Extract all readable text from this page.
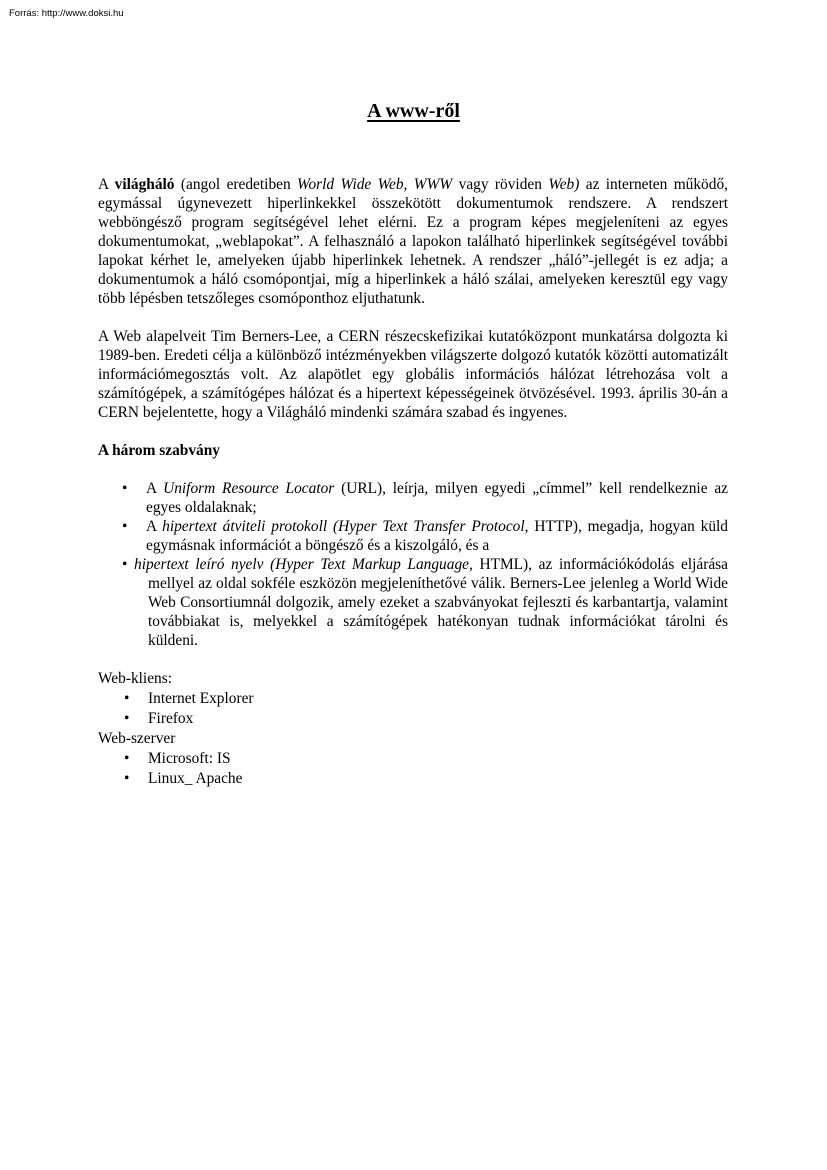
Forrás: http://www.doksi.hu
A www-ről

A világháló (angol eredetiben World Wide Web, WWW vagy röviden Web) az interneten működő, egymással úgynevezett hiperlinkekkel összekötött dokumentumok rendszere. A rendszert webböngésző program segítségével lehet elérni. Ez a program képes megjeleníteni az egyes dokumentumokat, „weblapokat”. A felhasználó a lapokon található hiperlinkek segítségével további lapokat kérhet le, amelyeken újabb hiperlinkek lehetnek. A rendszer „háló”-jellegét is ez adja; a dokumentumok a háló csomópontjai, míg a hiperlinkek a háló szálai, amelyeken keresztül egy vagy több lépésben tetszőleges csomóponthoz eljuthatunk.

A Web alapelveit Tim Berners-Lee, a CERN részecskefizikai kutatóközpont munkatársa dolgozta ki 1989-ben. Eredeti célja a különböző intézményekben világszerte dolgozó kutatók közötti automatizált információmegosztás volt. Az alapötlet egy globális információs hálózat létrehozása volt a számítógépek, a számítógépes hálózat és a hipertext képességeinek ötvözésével. 1993. április 30-án a CERN bejelentette, hogy a Világháló mindenki számára szabad és ingyenes.

A három szabvány

• A Uniform Resource Locator (URL), leírja, milyen egyedi „címmel” kell rendelkeznie az egyes oldalaknak;
• A hipertext átviteli protokoll (Hyper Text Transfer Protocol, HTTP), megadja, hogyan küld egymásnak információt a böngésző és a kiszolgáló, és a
• hipertext leíró nyelv (Hyper Text Markup Language, HTML), az információkódolás eljárása mellyel az oldal sokféle eszközön megjeleníthetővé válik. Berners-Lee jelenleg a World Wide Web Consortiumnál dolgozik, amely ezeket a szabványokat fejleszti és karbantartja, valamint továbbiakat is, melyekkel a számítógépek hatékonyan tudnak információkat tárolni és küldeni.
Web-kliens:
• Internet Explorer
• Firefox
Web-szerver
• Microsoft: IS
• Linux_ Apache
